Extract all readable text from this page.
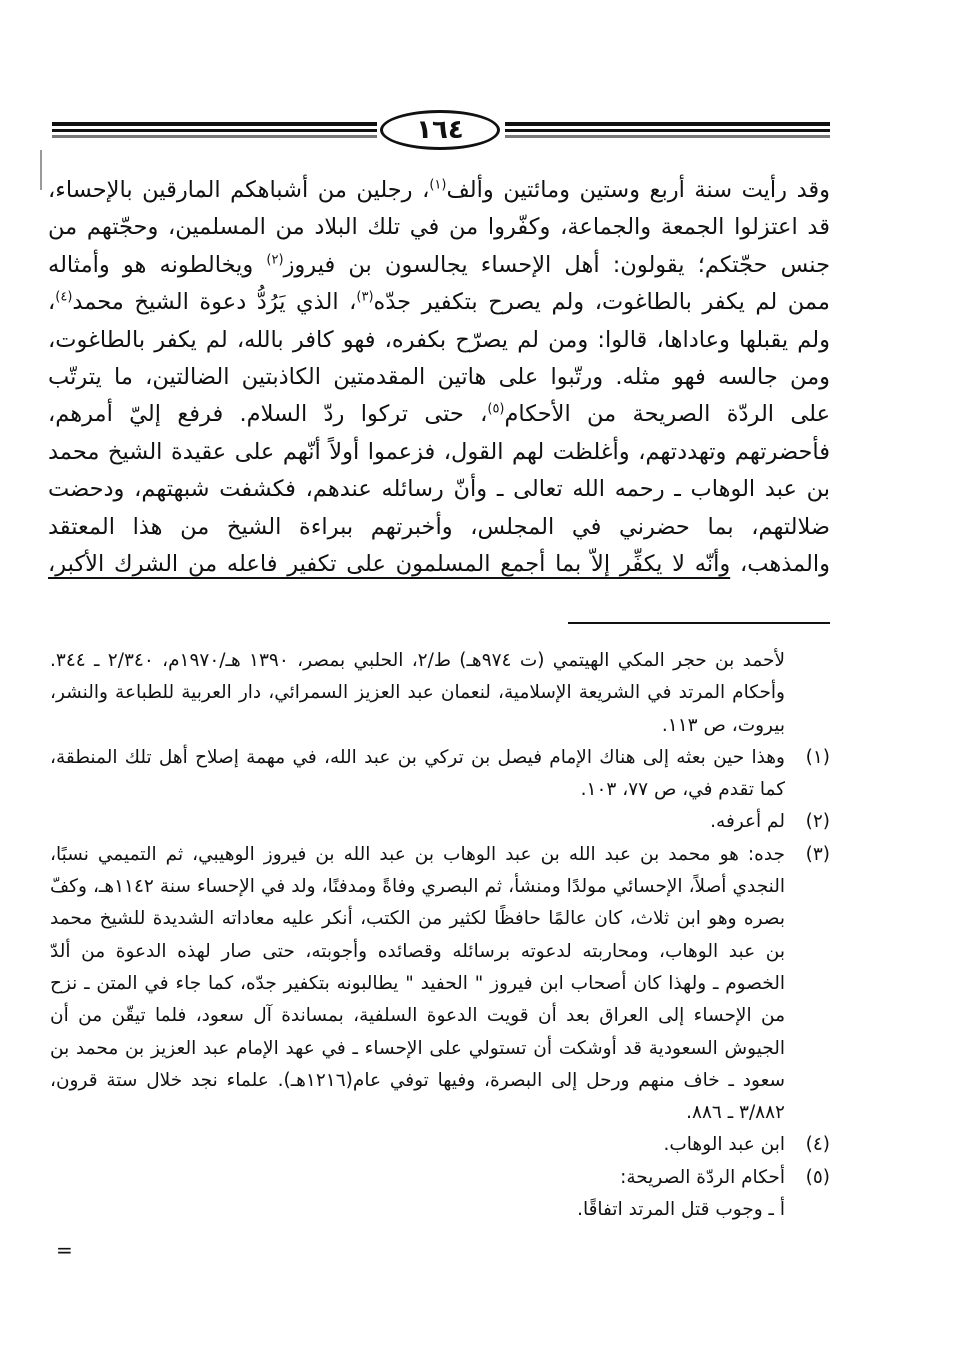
١٦٤

وقد رأيت سنة أربع وستين ومائتين وألف$^{(١)}$، رجلين من أشباهكم المارقين بالإحساء، قد اعتزلوا الجمعة والجماعة، وكفّروا من في تلك البلاد من المسلمين، وحجّتهم من جنس حجّتكم؛ يقولون: أهل الإحساء يجالسون بن فيروز$^{(٢)}$ ويخالطونه هو وأمثاله ممن لم يكفر بالطاغوت، ولم يصرح بتكفير جدّه$^{(٣)}$، الذي يَرُدُّ دعوة الشيخ محمد$^{(٤)}$، ولم يقبلها وعاداها، قالوا: ومن لم يصرّح بكفره، فهو كافر بالله، لم يكفر بالطاغوت، ومن جالسه فهو مثله. ورتّبوا على هاتين المقدمتين الكاذبتين الضالتين، ما يترتّب على الردّة الصريحة من الأحكام$^{(٥)}$، حتى تركوا ردّ السلام. فرفع إليّ أمرهم، فأحضرتهم وتهددتهم، وأغلظت لهم القول، فزعموا أولاً أنّهم على عقيدة الشيخ محمد بن عبد الوهاب ـ رحمه الله تعالى ـ وأنّ رسائله عندهم، فكشفت شبهتهم، ودحضت ضلالتهم، بما حضرني في المجلس، وأخبرتهم ببراءة الشيخ من هذا المعتقد والمذهب، وأنّه لا يكفِّر إلاّ بما أجمع المسلمون على تكفير فاعله من الشرك الأكبر،

لأحمد بن حجر المكي الهيتمي (ت ٩٧٤هـ) ط/٢، الحلبي بمصر، ١٣٩٠ هـ/١٩٧٠م، ٢/٣٤٠ ـ ٣٤٤. وأحكام المرتد في الشريعة الإسلامية، لنعمان عبد العزيز السمرائي، دار العربية للطباعة والنشر، بيروت، ص ١١٣.
(١)
وهذا حين بعثه إلى هناك الإمام فيصل بن تركي بن عبد الله، في مهمة إصلاح أهل تلك المنطقة، كما تقدم في، ص ٧٧، ١٠٣.
(٢)
لم أعرفه.
(٣)
جده: هو محمد بن عبد الله بن عبد الوهاب بن عبد الله بن فيروز الوهيبي، ثم التميمي نسبًا، النجدي أصلاً، الإحسائي مولدًا ومنشأ، ثم البصري وفاةً ومدفنًا، ولد في الإحساء سنة ١١٤٢هـ، وكفّ بصره وهو ابن ثلاث، كان عالمًا حافظًا لكثير من الكتب، أنكر عليه معاداته الشديدة للشيخ محمد بن عبد الوهاب، ومحاربته لدعوته برسائله وقصائده وأجوبته، حتى صار لهذه الدعوة من ألدّ الخصوم ـ ولهذا كان أصحاب ابن فيروز " الحفيد " يطالبونه بتكفير جدّه، كما جاء في المتن ـ نزح من الإحساء إلى العراق بعد أن قويت الدعوة السلفية، بمساندة آل سعود، فلما تيقّن من أن الجيوش السعودية قد أوشكت أن تستولي على الإحساء ـ في عهد الإمام عبد العزيز بن محمد بن سعود ـ خاف منهم ورحل إلى البصرة، وفيها توفي عام(١٢١٦هـ). علماء نجد خلال ستة قرون، ٣/٨٨٢ ـ ٨٨٦.
(٤)
ابن عبد الوهاب.
(٥)
أحكام الردّة الصريحة:
أ ـ وجوب قتل المرتد اتفاقًا.
=
